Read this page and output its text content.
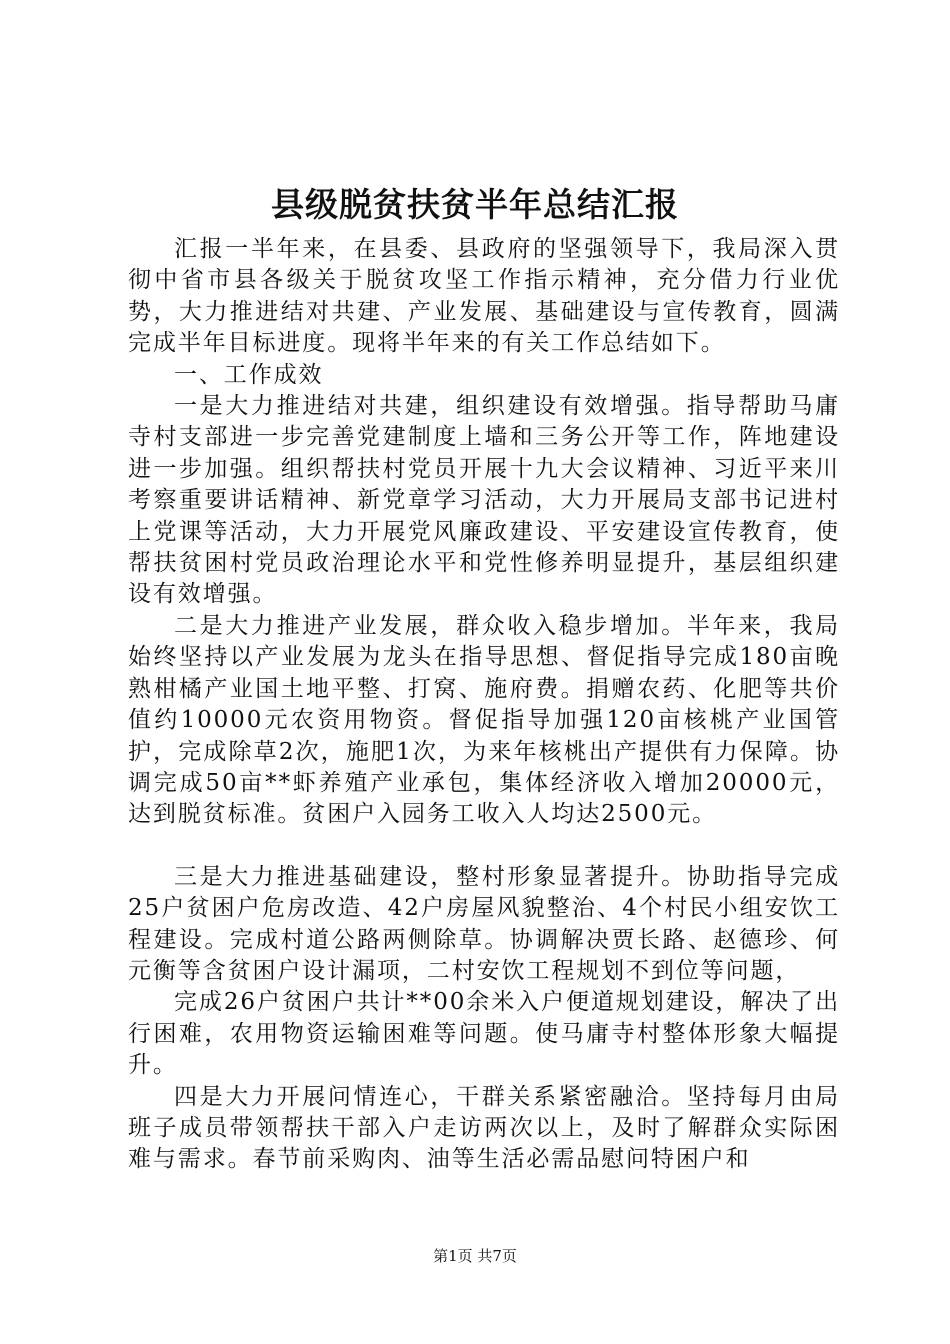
县级脱贫扶贫半年总结汇报

汇报一半年来，在县委、县政府的坚强领导下，我局深入贯彻中省市县各级关于脱贫攻坚工作指示精神，充分借力行业优势，大力推进结对共建、产业发展、基础建设与宣传教育，圆满完成半年目标进度。现将半年来的有关工作总结如下。

一、工作成效

一是大力推进结对共建，组织建设有效增强。指导帮助马庸寺村支部进一步完善党建制度上墙和三务公开等工作，阵地建设进一步加强。组织帮扶村党员开展十九大会议精神、习近平来川考察重要讲话精神、新党章学习活动，大力开展局支部书记进村上党课等活动，大力开展党风廉政建设、平安建设宣传教育，使帮扶贫困村党员政治理论水平和党性修养明显提升，基层组织建设有效增强。

二是大力推进产业发展，群众收入稳步增加。半年来，我局始终坚持以产业发展为龙头在指导思想、督促指导完成180亩晚熟柑橘产业国土地平整、打窝、施府费。捐赠农药、化肥等共价值约10000元农资用物资。督促指导加强120亩核桃产业国管护，完成除草2次，施肥1次，为来年核桃出产提供有力保障。协调完成50亩**虾养殖产业承包，集体经济收入增加20000元，达到脱贫标准。贫困户入园务工收入人均达2500元。

三是大力推进基础建设，整村形象显著提升。协助指导完成25户贫困户危房改造、42户房屋风貌整治、4个村民小组安饮工程建设。完成村道公路两侧除草。协调解决贾长路、赵德珍、何元衡等含贫困户设计漏项，二村安饮工程规划不到位等问题，

完成26户贫困户共计**00余米入户便道规划建设，解决了出行困难，农用物资运输困难等问题。使马庸寺村整体形象大幅提升。

四是大力开展问情连心，干群关系紧密融洽。坚持每月由局班子成员带领帮扶干部入户走访两次以上，及时了解群众实际困难与需求。春节前采购肉、油等生活必需品慰问特困户和

第1页 共7页
